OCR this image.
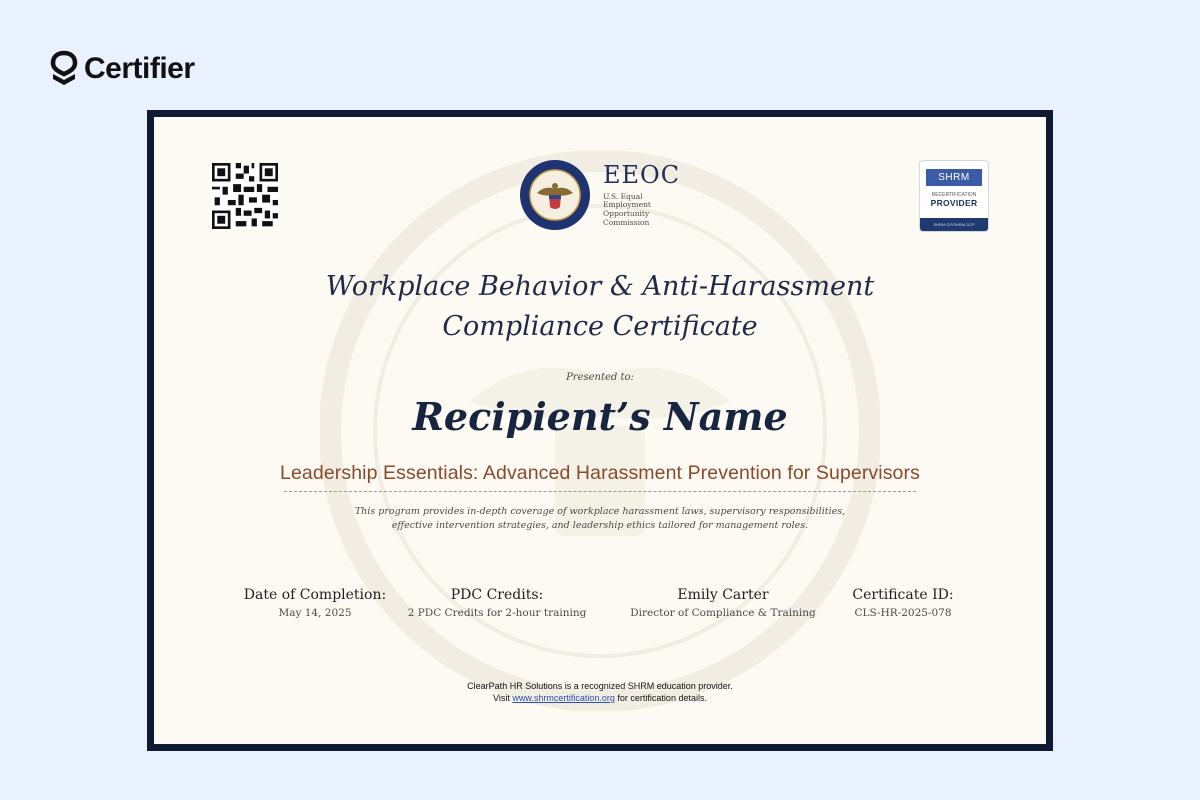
Certifier
EEOC
U.S. Equal Employment
Opportunity Commission
SHRM
RECERTIFICATION
PROVIDER
SHRM-CP/SHRM-SCP
Workplace Behavior & Anti-Harassment
Compliance Certificate
Presented to:
Recipient’s Name
Leadership Essentials: Advanced Harassment Prevention for Supervisors
This program provides in-depth coverage of workplace harassment laws, supervisory responsibilities, effective intervention strategies, and leadership ethics tailored for management roles.
Date of Completion:
May 14, 2025
PDC Credits:
2 PDC Credits for 2-hour training
Emily Carter
Director of Compliance & Training
Certificate ID:
CLS-HR-2025-078
ClearPath HR Solutions is a recognized SHRM education provider.
Visit www.shrmcertification.org for certification details.
